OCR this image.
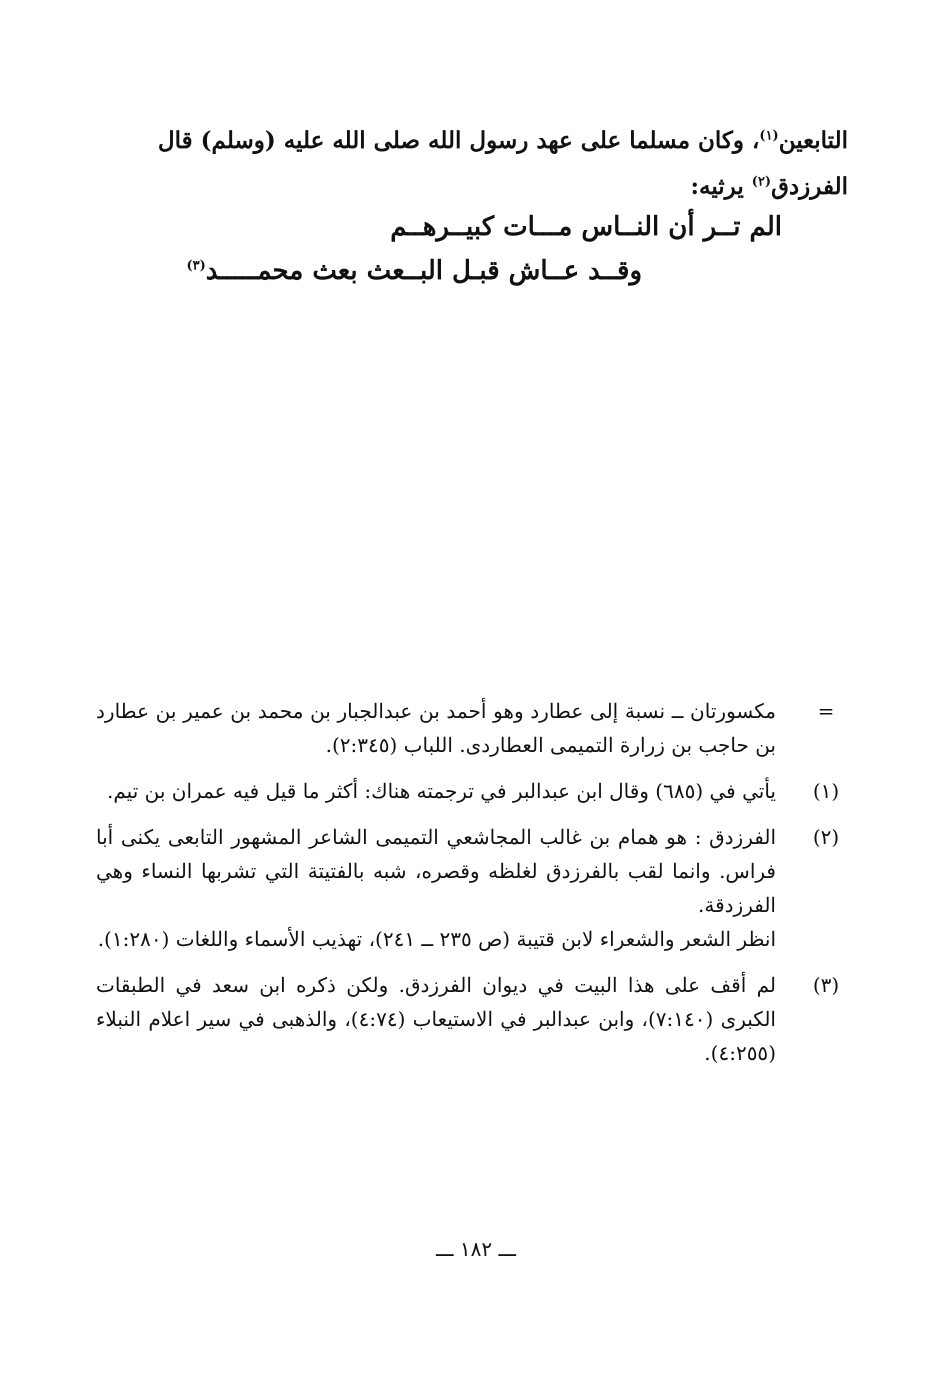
التابعين$^{(١)}$، وكان مسلما على عهد رسول الله صلى الله عليه (وسلم) قال

الفرزدق$^{(٢)}$ يرثيه:

الم تــر أن النــاس مـــات كبيــرهــم
وقــد عــاش قبـل البــعث بعث محمـــــد$^{(٣)}$
=

مكسورتان ــ نسبة إلى عطارد وهو أحمد بن عبدالجبار بن محمد بن عمير بن عطارد بن حاجب بن زرارة التميمى العطاردى. اللباب (٢:٣٤٥).

(١)

يأتي في (٦٨٥) وقال ابن عبدالبر في ترجمته هناك: أكثر ما قيل فيه عمران بن تيم.

(٢)

الفرزدق : هو همام بن غالب المجاشعي التميمى الشاعر المشهور التابعى يكنى أبا فراس. وانما لقب بالفرزدق لغلظه وقصره، شبه بالفتيتة التي تشربها النساء وهي الفرزدقة.

انظر الشعر والشعراء لابن قتيبة (ص ٢٣٥ ــ ٢٤١)، تهذيب الأسماء واللغات (١:٢٨٠).

(٣)

لم أقف على هذا البيت في ديوان الفرزدق. ولكن ذكره ابن سعد في الطبقات الكبرى (٧:١٤٠)، وابن عبدالبر في الاستيعاب (٤:٧٤)، والذهبى في سير اعلام النبلاء (٤:٢٥٥).

ـــ ١٨٢ ـــ
